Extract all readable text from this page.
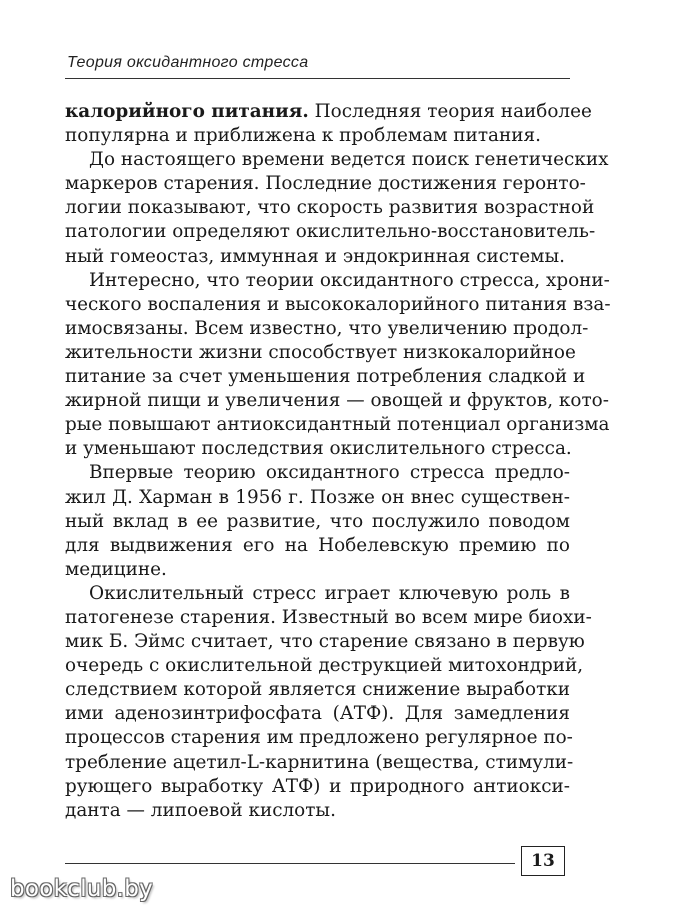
Теория оксидантного стресса
калорийного питания. Последняя теория наиболее
популярна и приближена к проблемам питания.
До настоящего времени ведется поиск генетических
маркеров старения. Последние достижения геронто-
логии показывают, что скорость развития возрастной
патологии определяют окислительно-восстановитель-
ный гомеостаз, иммунная и эндокринная системы.
Интересно, что теории оксидантного стресса, хрони-
ческого воспаления и высококалорийного питания вза-
имосвязаны. Всем известно, что увеличению продол-
жительности жизни способствует низкокалорийное
питание за счет уменьшения потребления сладкой и
жирной пищи и увеличения — овощей и фруктов, кото-
рые повышают антиоксидантный потенциал организма
и уменьшают последствия окислительного стресса.
Впервые теорию оксидантного стресса предло-
жил Д. Харман в 1956 г. Позже он внес существен-
ный вклад в ее развитие, что послужило поводом
для выдвижения его на Нобелевскую премию по
медицине.
Окислительный стресс играет ключевую роль в
патогенезе старения. Известный во всем мире биохи-
мик Б. Эймс считает, что старение связано в первую
очередь с окислительной деструкцией митохондрий,
следствием которой является снижение выработки
ими аденозинтрифосфата (АТФ). Для замедления
процессов старения им предложено регулярное по-
требление ацетил-L-карнитина (вещества, стимули-
рующего выработку АТФ) и природного антиокси-
данта — липоевой кислоты.
13
bookclub.by
